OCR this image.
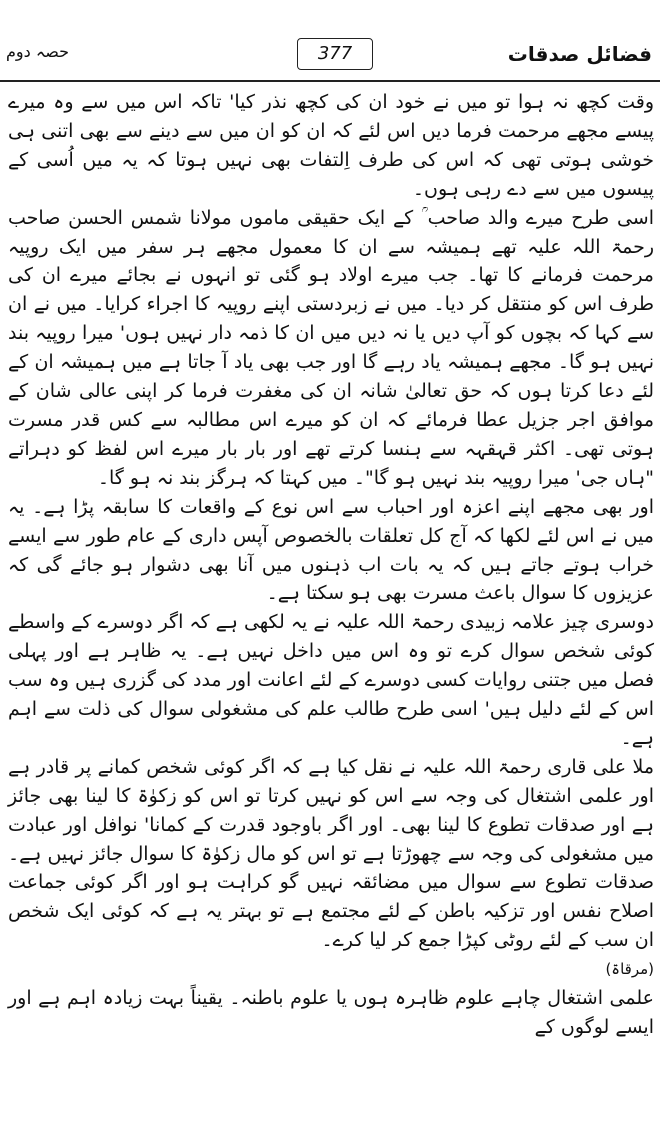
حصہ دوم	377	فضائل صدقات

وقت کچھ نہ ہوا تو میں نے خود ان کی کچھ نذر کیا' تاکہ اس میں سے وہ میرے پیسے مجھے مرحمت فرما دیں اس لئے کہ ان کو ان میں سے دینے سے بھی اتنی ہی خوشی ہوتی تھی کہ اس کی طرف اِلتفات بھی نہیں ہوتا کہ یہ میں اُسی کے پیسوں میں سے دے رہی ہوں۔

اسی طرح میرے والد صاحب ؒ کے ایک حقیقی ماموں مولانا شمس الحسن صاحب رحمۃ اللہ علیہ تھے ہمیشہ سے ان کا معمول مجھے ہر سفر میں ایک روپیہ مرحمت فرمانے کا تھا۔ جب میرے اولاد ہو گئی تو انہوں نے بجائے میرے ان کی طرف اس کو منتقل کر دیا۔ میں نے زبردستی اپنے روپیہ کا اجراء کرایا۔ میں نے ان سے کہا کہ بچوں کو آپ دیں یا نہ دیں میں ان کا ذمہ دار نہیں ہوں' میرا روپیہ بند نہیں ہو گا۔ مجھے ہمیشہ یاد رہے گا اور جب بھی یاد آ جاتا ہے میں ہمیشہ ان کے لئے دعا کرتا ہوں کہ حق تعالیٰ شانہ ان کی مغفرت فرما کر اپنی عالی شان کے موافق اجر جزیل عطا فرمائے کہ ان کو میرے اس مطالبہ سے کس قدر مسرت ہوتی تھی۔ اکثر قہقہہ سے ہنسا کرتے تھے اور بار بار میرے اس لفظ کو دہراتے "ہاں جی' میرا روپیہ بند نہیں ہو گا"۔ میں کہتا کہ ہرگز بند نہ ہو گا۔

اور بھی مجھے اپنے اعزہ اور احباب سے اس نوع کے واقعات کا سابقہ پڑا ہے۔ یہ میں نے اس لئے لکھا کہ آج کل تعلقات بالخصوص آپس داری کے عام طور سے ایسے خراب ہوتے جاتے ہیں کہ یہ بات اب ذہنوں میں آنا بھی دشوار ہو جائے گی کہ عزیزوں کا سوال باعث مسرت بھی ہو سکتا ہے۔

دوسری چیز علامہ زبیدی رحمۃ اللہ علیہ نے یہ لکھی ہے کہ اگر دوسرے کے واسطے کوئی شخص سوال کرے تو وہ اس میں داخل نہیں ہے۔ یہ ظاہر ہے اور پہلی فصل میں جتنی روایات کسی دوسرے کے لئے اعانت اور مدد کی گزری ہیں وہ سب اس کے لئے دلیل ہیں' اسی طرح طالب علم کی مشغولی سوال کی ذلت سے اہم ہے۔

ملا علی قاری رحمۃ اللہ علیہ نے نقل کیا ہے کہ اگر کوئی شخص کمانے پر قادر ہے اور علمی اشتغال کی وجہ سے اس کو نہیں کرتا تو اس کو زکوٰۃ کا لینا بھی جائز ہے اور صدقات تطوع کا لینا بھی۔ اور اگر باوجود قدرت کے کمانا' نوافل اور عبادت میں مشغولی کی وجہ سے چھوڑتا ہے تو اس کو مال زکوٰۃ کا سوال جائز نہیں ہے۔ صدقات تطوع سے سوال میں مضائقہ نہیں گو کراہت ہو اور اگر کوئی جماعت اصلاح نفس اور تزکیہ باطن کے لئے مجتمع ہے تو بہتر یہ ہے کہ کوئی ایک شخص ان سب کے لئے روٹی کپڑا جمع کر لیا کرے۔

(مرقاۃ)

علمی اشتغال چاہے علوم ظاہرہ ہوں یا علوم باطنہ۔ یقیناً بہت زیادہ اہم ہے اور ایسے لوگوں کے
